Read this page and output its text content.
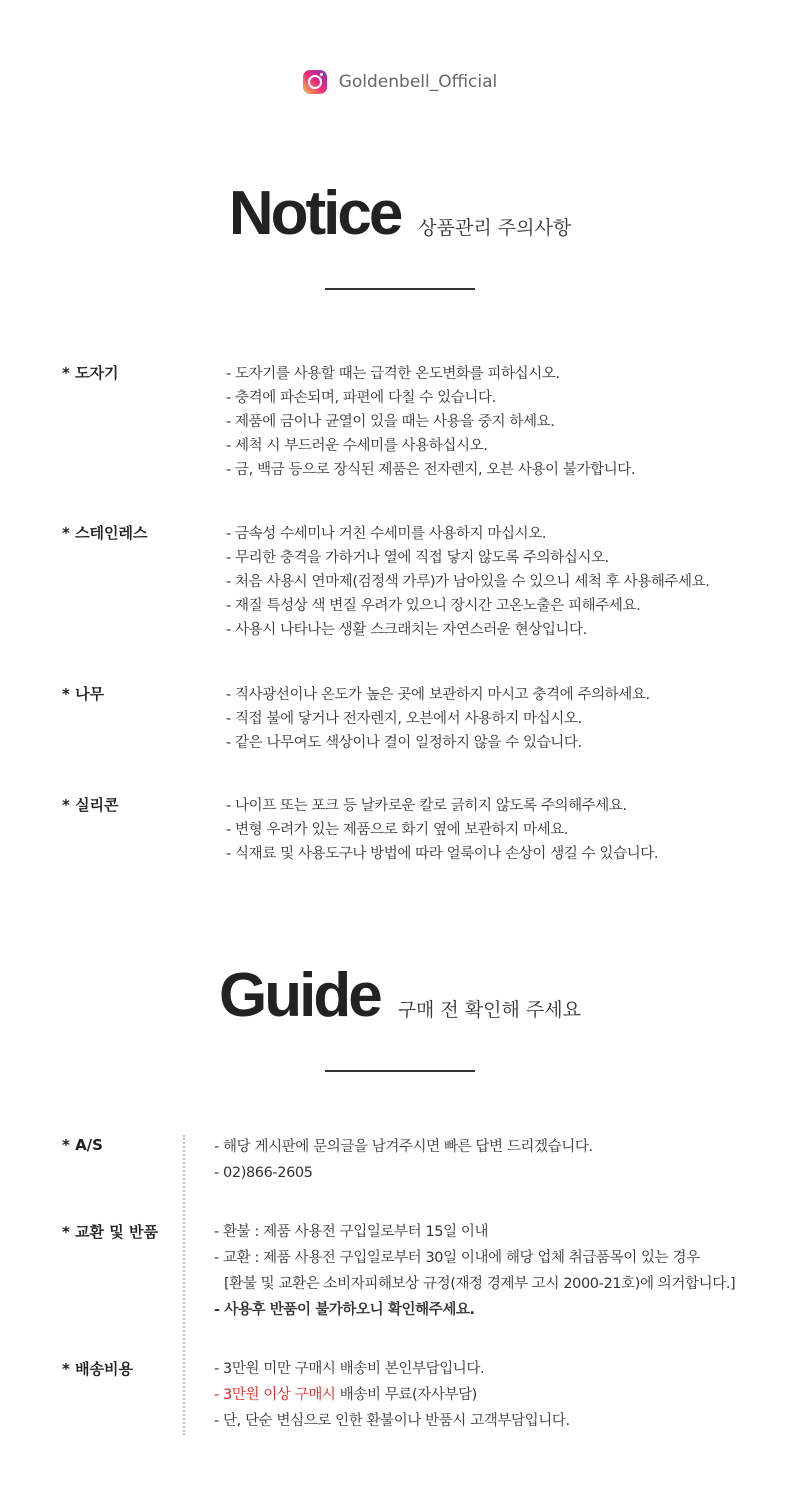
Goldenbell_Official
Notice 상품관리 주의사항
* 도자기	- 도자기를 사용할 때는 급격한 온도변화를 피하십시오.
- 충격에 파손되며, 파편에 다칠 수 있습니다.
- 제품에 금이나 균열이 있을 때는 사용을 중지 하세요.
- 세척 시 부드러운 수세미를 사용하십시오.
- 금, 백금 등으로 장식된 제품은 전자렌지, 오븐 사용이 불가합니다.
* 스테인레스	- 금속성 수세미나 거친 수세미를 사용하지 마십시오.
- 무리한 충격을 가하거나 열에 직접 닿지 않도록 주의하십시오.
- 처음 사용시 연마제(검정색 가루)가 남아있을 수 있으니 세척 후 사용해주세요.
- 재질 특성상 색 변질 우려가 있으니 장시간 고온노출은 피해주세요.
- 사용시 나타나는 생활 스크래치는 자연스러운 현상입니다.
* 나무	- 직사광선이나 온도가 높은 곳에 보관하지 마시고 충격에 주의하세요.
- 직접 불에 닿거나 전자렌지, 오븐에서 사용하지 마십시오.
- 같은 나무여도 색상이나 결이 일정하지 않을 수 있습니다.
* 실리콘	- 나이프 또는 포크 등 날카로운 칼로 긁히지 않도록 주의해주세요.
- 변형 우려가 있는 제품으로 화기 옆에 보관하지 마세요.
- 식재료 및 사용도구나 방법에 따라 얼룩이나 손상이 생길 수 있습니다.
Guide 구매 전 확인해 주세요
* A/S	- 해당 게시판에 문의글을 남겨주시면 빠른 답변 드리겠습니다.
- 02)866-2605
* 교환 및 반품	- 환불 : 제품 사용전 구입일로부터 15일 이내
- 교환 : 제품 사용전 구입일로부터 30일 이내에 해당 업체 취급품목이 있는 경우
[환불 및 교환은 소비자피해보상 규정(재정 경제부 고시 2000-21호)에 의거합니다.]
- 사용후 반품이 불가하오니 확인해주세요.
* 배송비용	- 3만원 미만 구매시 배송비 본인부담입니다.
- 3만원 이상 구매시 배송비 무료(자사부담)
- 단, 단순 변심으로 인한 환불이나 반품시 고객부담입니다.
